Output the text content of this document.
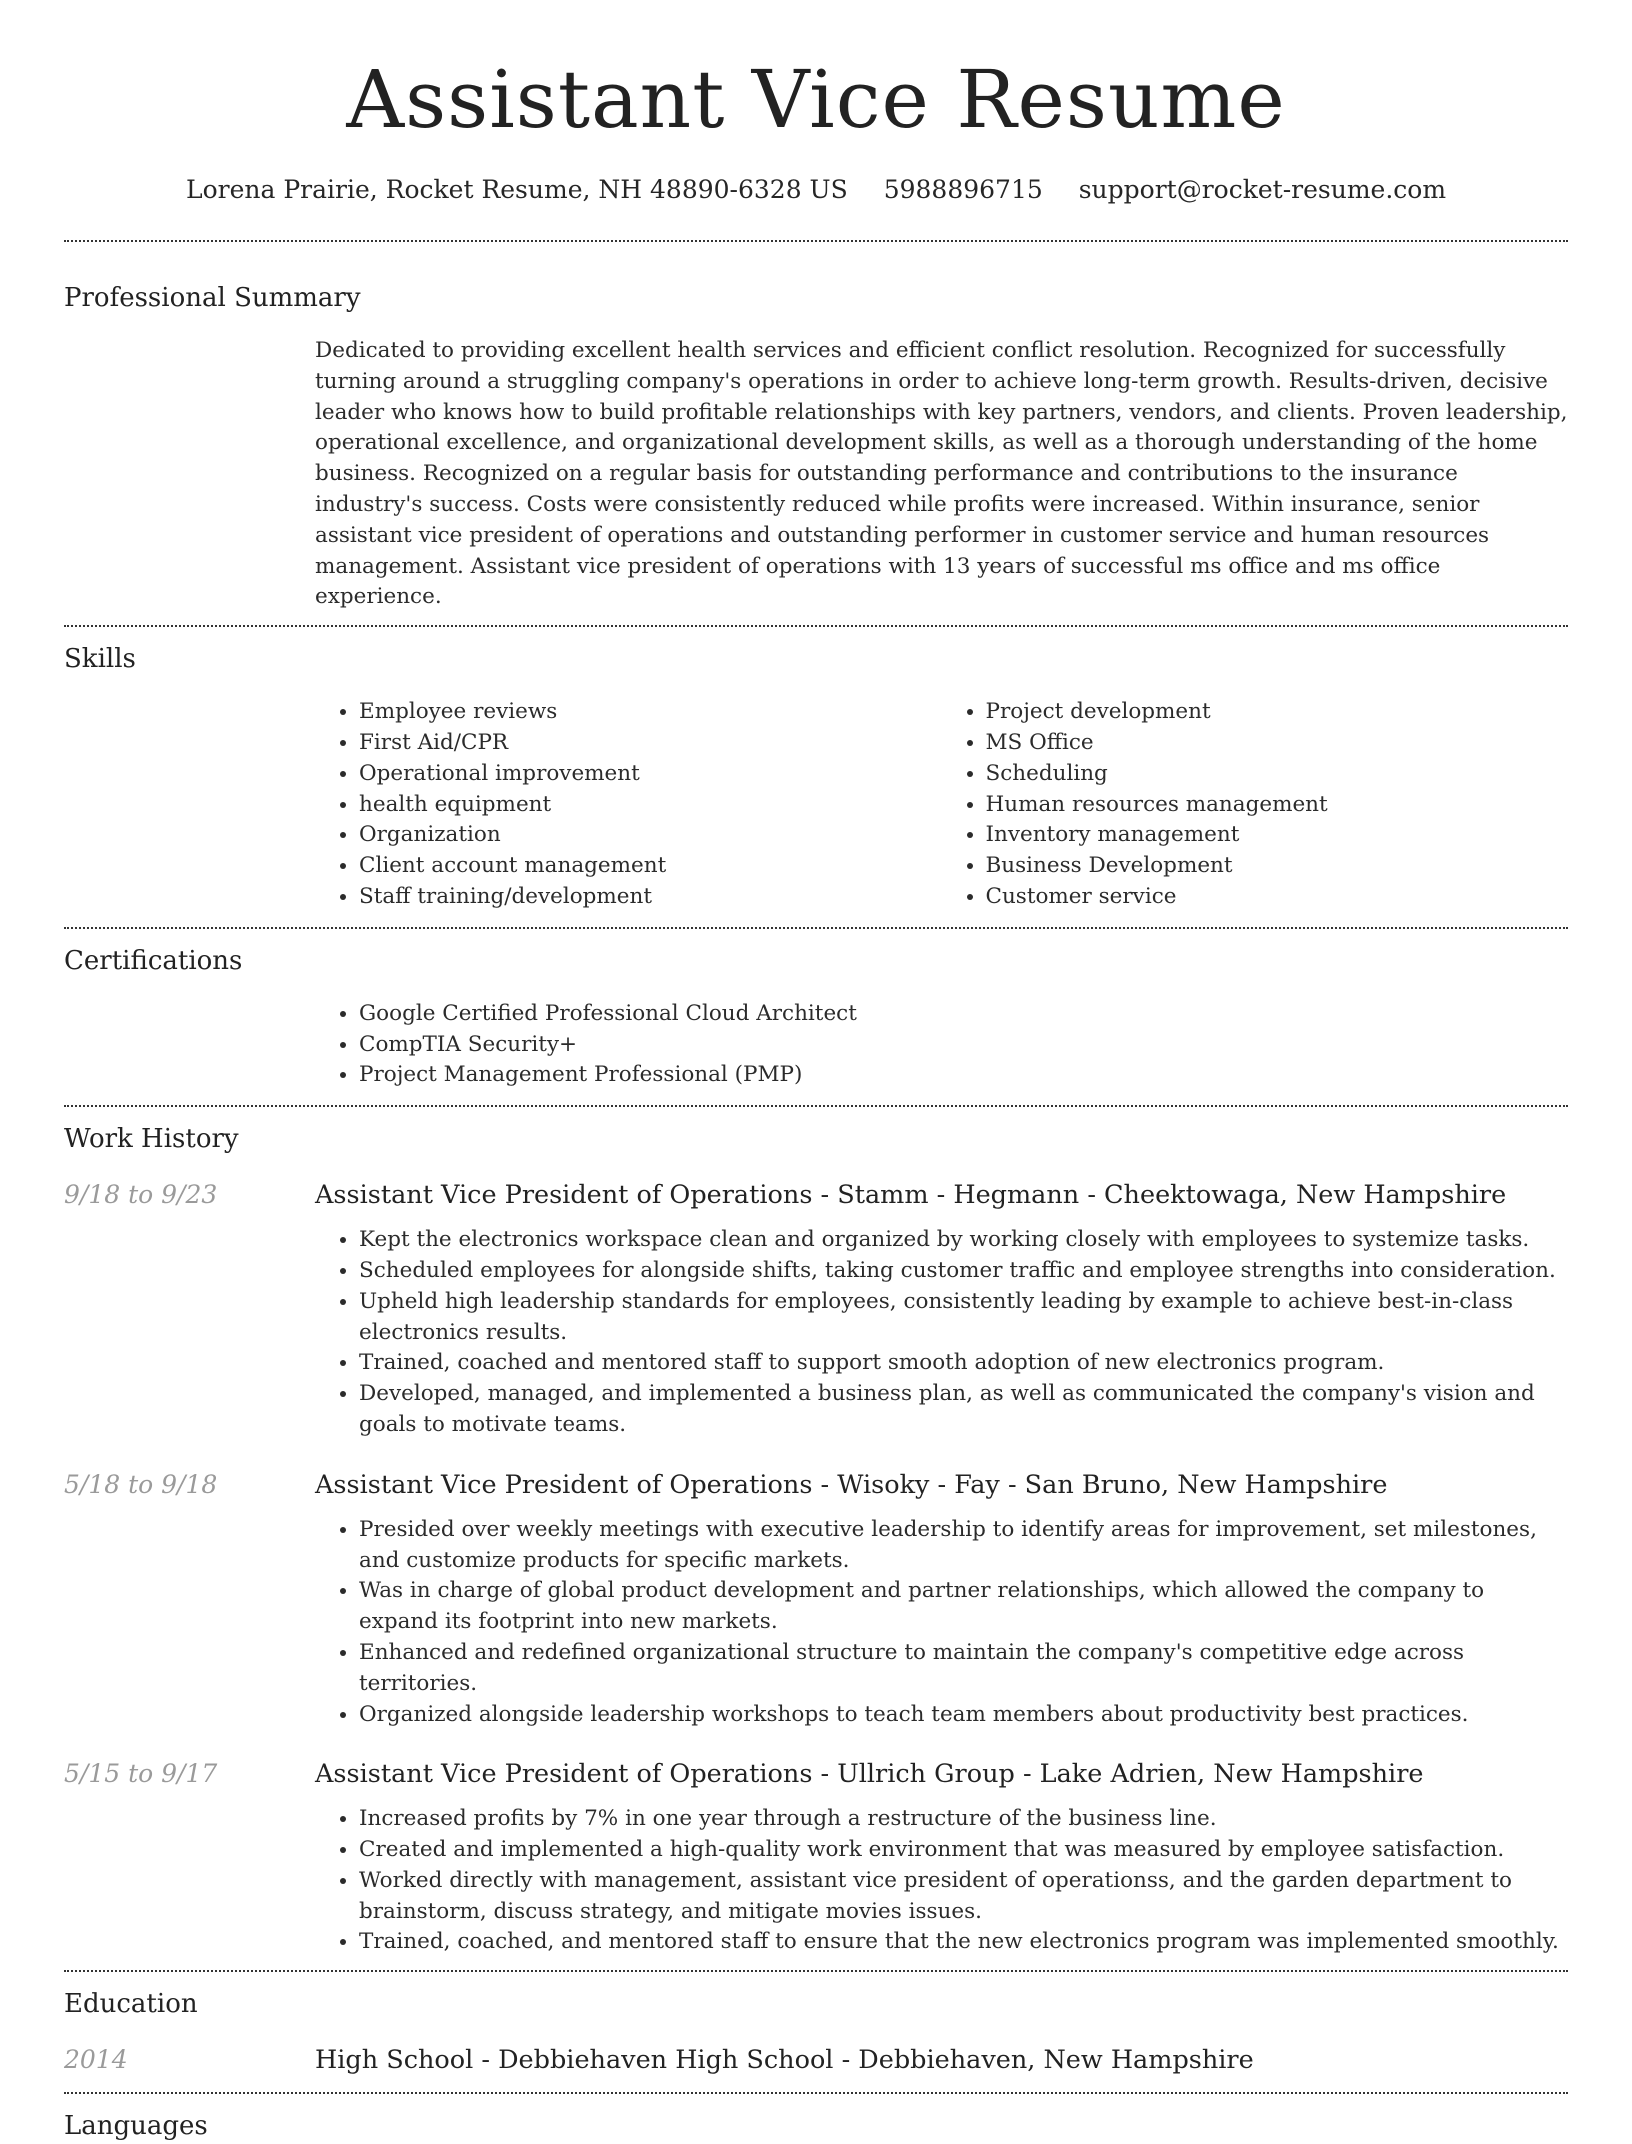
Assistant Vice Resume
Lorena Prairie, Rocket Resume, NH 48890-6328 US 5988896715 support@rocket-resume.com
Professional Summary
Dedicated to providing excellent health services and efficient conflict resolution. Recognized for successfully turning around a struggling company's operations in order to achieve long-term growth. Results-driven, decisive leader who knows how to build profitable relationships with key partners, vendors, and clients. Proven leadership, operational excellence, and organizational development skills, as well as a thorough understanding of the home business. Recognized on a regular basis for outstanding performance and contributions to the insurance industry's success. Costs were consistently reduced while profits were increased. Within insurance, senior assistant vice president of operations and outstanding performer in customer service and human resources management. Assistant vice president of operations with 13 years of successful ms office and ms office experience.
Skills
• Employee reviews
• First Aid/CPR
• Operational improvement
• health equipment
• Organization
• Client account management
• Staff training/development
• Project development
• MS Office
• Scheduling
• Human resources management
• Inventory management
• Business Development
• Customer service
Certifications
• Google Certified Professional Cloud Architect
• CompTIA Security+
• Project Management Professional (PMP)
Work History
9/18 to 9/23	Assistant Vice President of Operations - Stamm - Hegmann - Cheektowaga, New Hampshire
• Kept the electronics workspace clean and organized by working closely with employees to systemize tasks.
• Scheduled employees for alongside shifts, taking customer traffic and employee strengths into consideration.
• Upheld high leadership standards for employees, consistently leading by example to achieve best-in-class electronics results.
• Trained, coached and mentored staff to support smooth adoption of new electronics program.
• Developed, managed, and implemented a business plan, as well as communicated the company's vision and goals to motivate teams.
5/18 to 9/18	Assistant Vice President of Operations - Wisoky - Fay - San Bruno, New Hampshire
• Presided over weekly meetings with executive leadership to identify areas for improvement, set milestones, and customize products for specific markets.
• Was in charge of global product development and partner relationships, which allowed the company to expand its footprint into new markets.
• Enhanced and redefined organizational structure to maintain the company's competitive edge across territories.
• Organized alongside leadership workshops to teach team members about productivity best practices.
5/15 to 9/17	Assistant Vice President of Operations - Ullrich Group - Lake Adrien, New Hampshire
• Increased profits by 7% in one year through a restructure of the business line.
• Created and implemented a high-quality work environment that was measured by employee satisfaction.
• Worked directly with management, assistant vice president of operationss, and the garden department to brainstorm, discuss strategy, and mitigate movies issues.
• Trained, coached, and mentored staff to ensure that the new electronics program was implemented smoothly.
Education
2014	High School - Debbiehaven High School - Debbiehaven, New Hampshire
Languages
